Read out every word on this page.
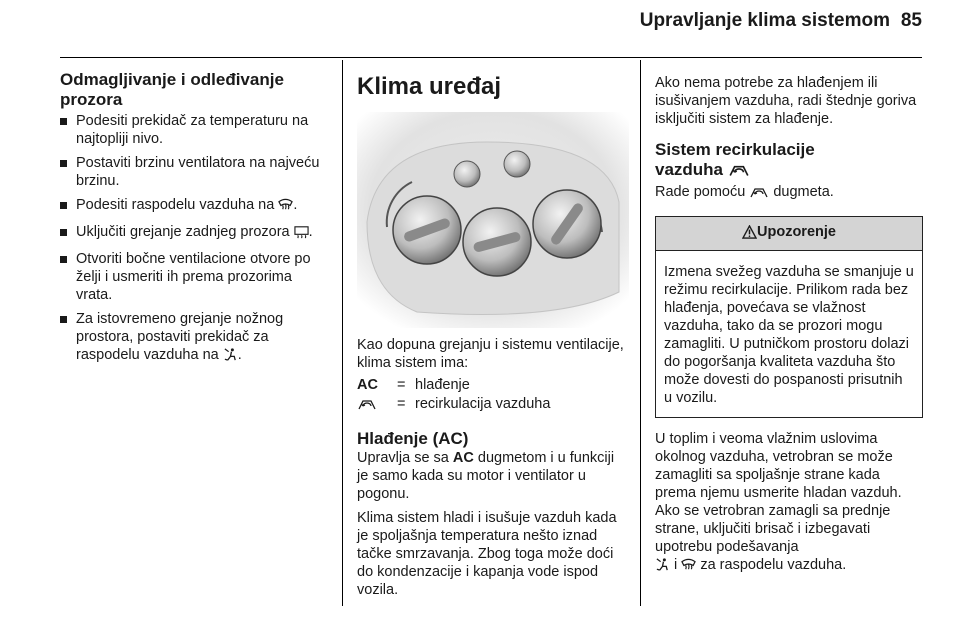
Upravljanje klima sistemom 85
Odmagljivanje i odleđivanje
prozora
Podesiti prekidač za temperaturu na najtopliji nivo.
Postaviti brzinu ventilatora na najveću brzinu.
Podesiti raspodelu vazduha na .
Uključiti grejanje zadnjeg prozora .
Otvoriti bočne ventilacione otvore po želji i usmeriti ih prema prozorima vrata.
Za istovremeno grejanje nožnog prostora, postaviti prekidač za raspodelu vazduha na .
Klima uređaj

Kao dopuna grejanju i sistemu ventilacije, klima sistem ima:

AC	= hlađenje
= recirkulacija vazduha
Hlađenje (AC)

Upravlja se sa AC dugmetom i u funkciji je samo kada su motor i ventilator u pogonu.

Klima sistem hladi i isušuje vazduh kada je spoljašnja temperatura nešto iznad tačke smrzavanja. Zbog toga može doći do kondenzacije i kapanja vode ispod vozila.

Ako nema potrebe za hlađenjem ili isušivanjem vazduha, radi štednje goriva isključiti sistem za hlađenje.

Sistem recirkulacije
vazduha

Rade pomoću  dugmeta.

Upozorenje

Izmena svežeg vazduha se smanjuje u režimu recirkulacije. Prilikom rada bez hlađenja, povećava se vlažnost vazduha, tako da se prozori mogu zamagliti. U putničkom prostoru dolazi do pogoršanja kvaliteta vazduha što može dovesti do pospanosti prisutnih u vozilu.

U toplim i veoma vlažnim uslovima okolnog vazduha, vetrobran se može zamagliti sa spoljašnje strane kada prema njemu usmerite hladan vazduh. Ako se vetrobran zamagli sa prednje strane, uključiti brisač i izbegavati upotrebu podešavanja
i za raspodelu vazduha.
